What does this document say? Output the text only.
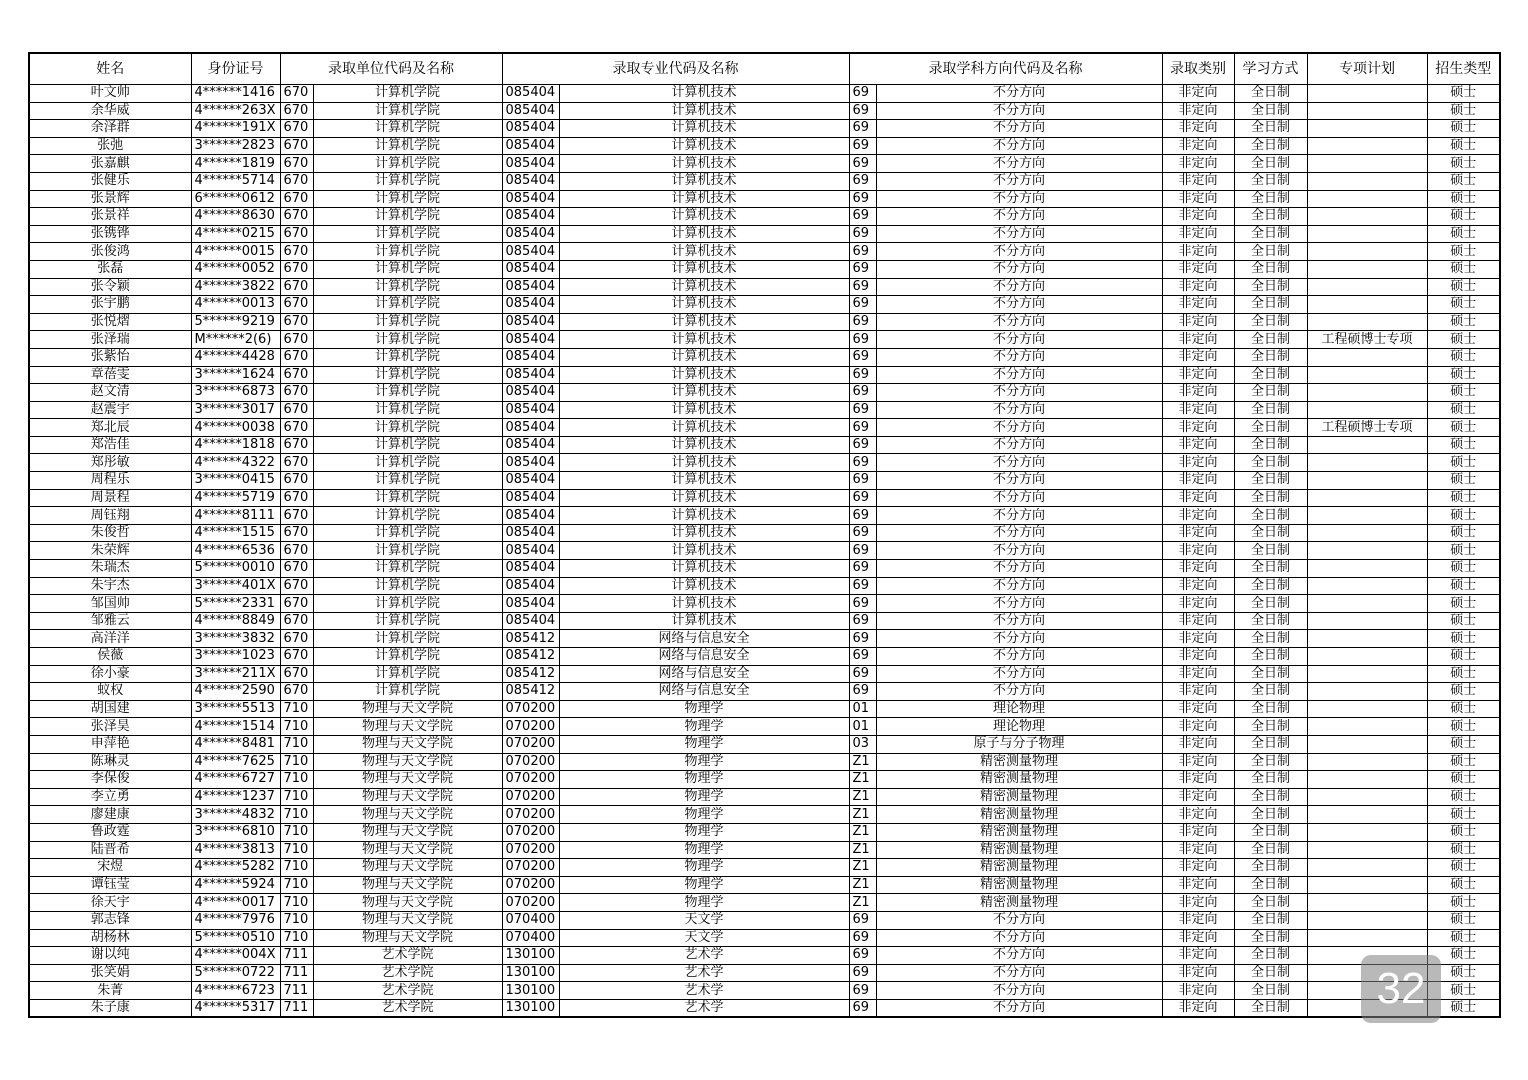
姓名	身份证号	录取单位代码及名称		录取专业代码及名称		录取学科方向代码及名称		录取类别	学习方式	专项计划	招生类型
叶文帅	4******1416	670	计算机学院	085404	计算机技术	69	不分方向	非定向	全日制		硕士
余华威	4******263X	670	计算机学院	085404	计算机技术	69	不分方向	非定向	全日制		硕士
余泽群	4******191X	670	计算机学院	085404	计算机技术	69	不分方向	非定向	全日制		硕士
张弛	3******2823	670	计算机学院	085404	计算机技术	69	不分方向	非定向	全日制		硕士
张嘉麒	4******1819	670	计算机学院	085404	计算机技术	69	不分方向	非定向	全日制		硕士
张健乐	4******5714	670	计算机学院	085404	计算机技术	69	不分方向	非定向	全日制		硕士
张景辉	6******0612	670	计算机学院	085404	计算机技术	69	不分方向	非定向	全日制		硕士
张景祥	4******8630	670	计算机学院	085404	计算机技术	69	不分方向	非定向	全日制		硕士
张镌铧	4******0215	670	计算机学院	085404	计算机技术	69	不分方向	非定向	全日制		硕士
张俊鸿	4******0015	670	计算机学院	085404	计算机技术	69	不分方向	非定向	全日制		硕士
张磊	4******0052	670	计算机学院	085404	计算机技术	69	不分方向	非定向	全日制		硕士
张令颖	4******3822	670	计算机学院	085404	计算机技术	69	不分方向	非定向	全日制		硕士
张宇鹏	4******0013	670	计算机学院	085404	计算机技术	69	不分方向	非定向	全日制		硕士
张悦熠	5******9219	670	计算机学院	085404	计算机技术	69	不分方向	非定向	全日制		硕士
张泽瑞	M******2(6)	670	计算机学院	085404	计算机技术	69	不分方向	非定向	全日制	工程硕博士专项	硕士
张紫怡	4******4428	670	计算机学院	085404	计算机技术	69	不分方向	非定向	全日制		硕士
章蓓雯	3******1624	670	计算机学院	085404	计算机技术	69	不分方向	非定向	全日制		硕士
赵文清	3******6873	670	计算机学院	085404	计算机技术	69	不分方向	非定向	全日制		硕士
赵震宇	3******3017	670	计算机学院	085404	计算机技术	69	不分方向	非定向	全日制		硕士
郑北辰	4******0038	670	计算机学院	085404	计算机技术	69	不分方向	非定向	全日制	工程硕博士专项	硕士
郑浩佳	4******1818	670	计算机学院	085404	计算机技术	69	不分方向	非定向	全日制		硕士
郑彤敏	4******4322	670	计算机学院	085404	计算机技术	69	不分方向	非定向	全日制		硕士
周程乐	3******0415	670	计算机学院	085404	计算机技术	69	不分方向	非定向	全日制		硕士
周景程	4******5719	670	计算机学院	085404	计算机技术	69	不分方向	非定向	全日制		硕士
周钰翔	4******8111	670	计算机学院	085404	计算机技术	69	不分方向	非定向	全日制		硕士
朱俊哲	4******1515	670	计算机学院	085404	计算机技术	69	不分方向	非定向	全日制		硕士
朱荣辉	4******6536	670	计算机学院	085404	计算机技术	69	不分方向	非定向	全日制		硕士
朱瑞杰	5******0010	670	计算机学院	085404	计算机技术	69	不分方向	非定向	全日制		硕士
朱宇杰	3******401X	670	计算机学院	085404	计算机技术	69	不分方向	非定向	全日制		硕士
邹国帅	5******2331	670	计算机学院	085404	计算机技术	69	不分方向	非定向	全日制		硕士
邹雅云	4******8849	670	计算机学院	085404	计算机技术	69	不分方向	非定向	全日制		硕士
高洋洋	3******3832	670	计算机学院	085412	网络与信息安全	69	不分方向	非定向	全日制		硕士
侯薇	3******1023	670	计算机学院	085412	网络与信息安全	69	不分方向	非定向	全日制		硕士
徐小豪	3******211X	670	计算机学院	085412	网络与信息安全	69	不分方向	非定向	全日制		硕士
蚁权	4******2590	670	计算机学院	085412	网络与信息安全	69	不分方向	非定向	全日制		硕士
胡国建	3******5513	710	物理与天文学院	070200	物理学	01	理论物理	非定向	全日制		硕士
张泽昊	4******1514	710	物理与天文学院	070200	物理学	01	理论物理	非定向	全日制		硕士
申萍艳	4******8481	710	物理与天文学院	070200	物理学	03	原子与分子物理	非定向	全日制		硕士
陈琳灵	4******7625	710	物理与天文学院	070200	物理学	Z1	精密测量物理	非定向	全日制		硕士
李保俊	4******6727	710	物理与天文学院	070200	物理学	Z1	精密测量物理	非定向	全日制		硕士
李立勇	4******1237	710	物理与天文学院	070200	物理学	Z1	精密测量物理	非定向	全日制		硕士
廖建康	3******4832	710	物理与天文学院	070200	物理学	Z1	精密测量物理	非定向	全日制		硕士
鲁政霆	3******6810	710	物理与天文学院	070200	物理学	Z1	精密测量物理	非定向	全日制		硕士
陆晋希	4******3813	710	物理与天文学院	070200	物理学	Z1	精密测量物理	非定向	全日制		硕士
宋煜	4******5282	710	物理与天文学院	070200	物理学	Z1	精密测量物理	非定向	全日制		硕士
谭钰莹	4******5924	710	物理与天文学院	070200	物理学	Z1	精密测量物理	非定向	全日制		硕士
徐天宇	4******0017	710	物理与天文学院	070200	物理学	Z1	精密测量物理	非定向	全日制		硕士
郭志锋	4******7976	710	物理与天文学院	070400	天文学	69	不分方向	非定向	全日制		硕士
胡杨林	5******0510	710	物理与天文学院	070400	天文学	69	不分方向	非定向	全日制		硕士
谢以纯	4******004X	711	艺术学院	130100	艺术学	69	不分方向	非定向	全日制		硕士
张笑娟	5******0722	711	艺术学院	130100	艺术学	69	不分方向	非定向	全日制		硕士
朱菁	4******6723	711	艺术学院	130100	艺术学	69	不分方向	非定向	全日制		硕士
朱子康	4******5317	711	艺术学院	130100	艺术学	69	不分方向	非定向	全日制		硕士
32
